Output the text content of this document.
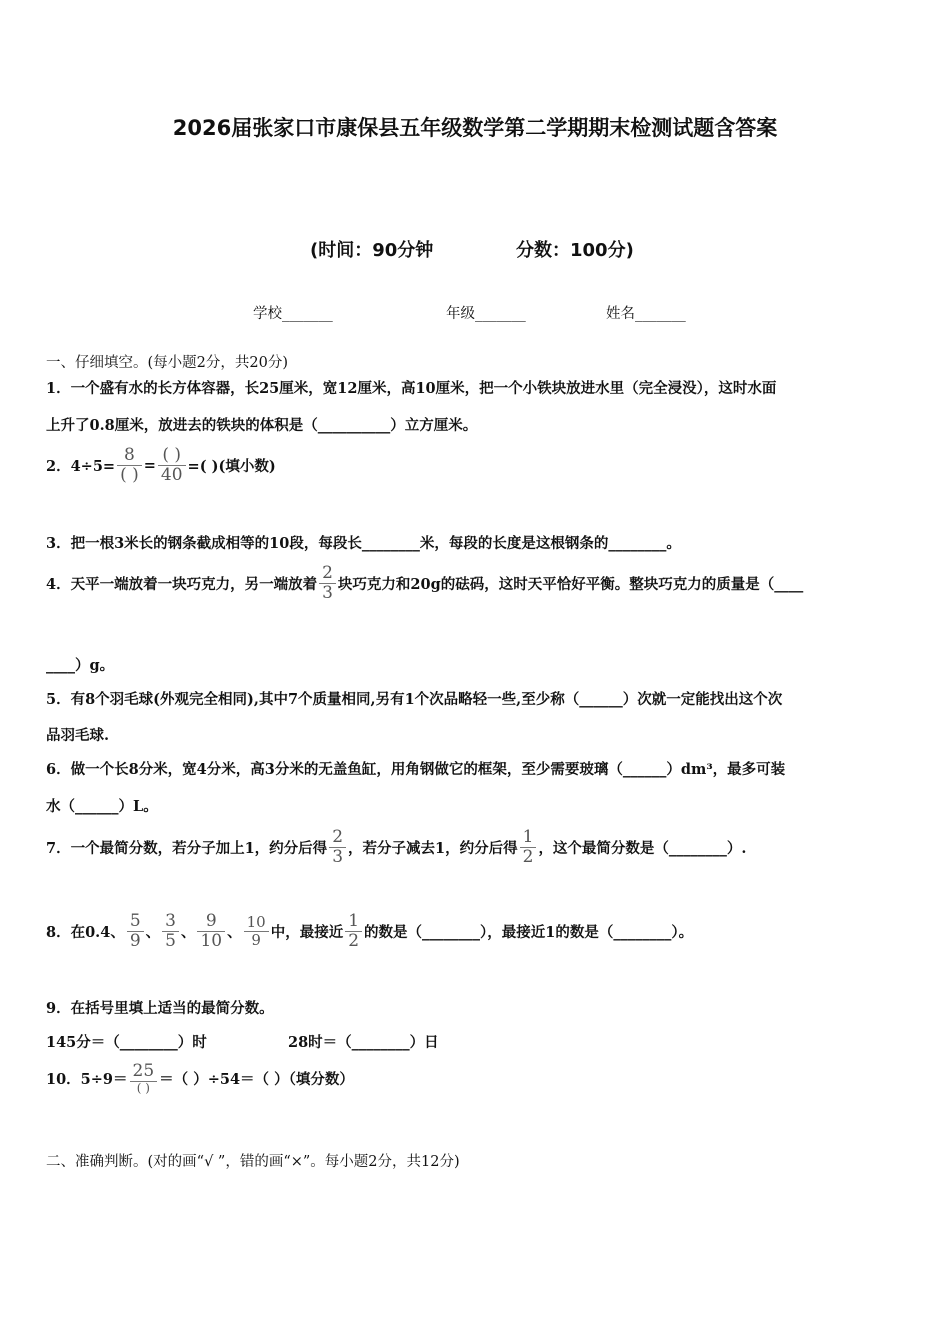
2026届张家口市康保县五年级数学第二学期期末检测试题含答案
(时间：90分钟	分数：100分)
学校_______	年级_______	姓名_______
一、仔细填空。(每小题2分，共20分)
1．一个盛有水的长方体容器，长25厘米，宽12厘米，高10厘米，把一个小铁块放进水里（完全浸没），这时水面
上升了0.8厘米，放进去的铁块的体积是（__________）立方厘米。
2．$4\div 5= \frac{8}{( )} = \frac{( )}{40}$ =( )(填小数)
3．把一根3米长的钢条截成相等的10段，每段长________米，每段的长度是这根钢条的________。
4．天平一端放着一块巧克力，另一端放着 $\frac{2}{3}$ 块巧克力和20g的砝码，这时天平恰好平衡。整块巧克力的质量是（____
____）g。
5．有8个羽毛球(外观完全相同),其中7个质量相同,另有1个次品略轻一些,至少称（______）次就一定能找出这个次
品羽毛球.
6．做一个长8分米，宽4分米，高3分米的无盖鱼缸，用角钢做它的框架，至少需要玻璃（______）dm³，最多可装
水（______）L。
7．一个最简分数，若分子加上1，约分后得 $\frac{2}{3}$ ，若分子减去1，约分后得 $\frac{1}{2}$ ，这个最简分数是（________）.
8．在0.4、 $\frac{5}{9}$ 、 $\frac{3}{5}$ 、 $\frac{9}{10}$ 、 $\frac{10}{9}$ 中，最接近 $\frac{1}{2}$ 的数是（________），最接近1的数是（________）。
9．在括号里填上适当的最简分数。
145分＝（________）时	28时＝（________）日
10．$5\div 9= \frac{25}{( )}$ ＝（ ）÷54＝（ ）（填分数）
二、准确判断。(对的画“√ ”，错的画“×”。每小题2分，共12分)
